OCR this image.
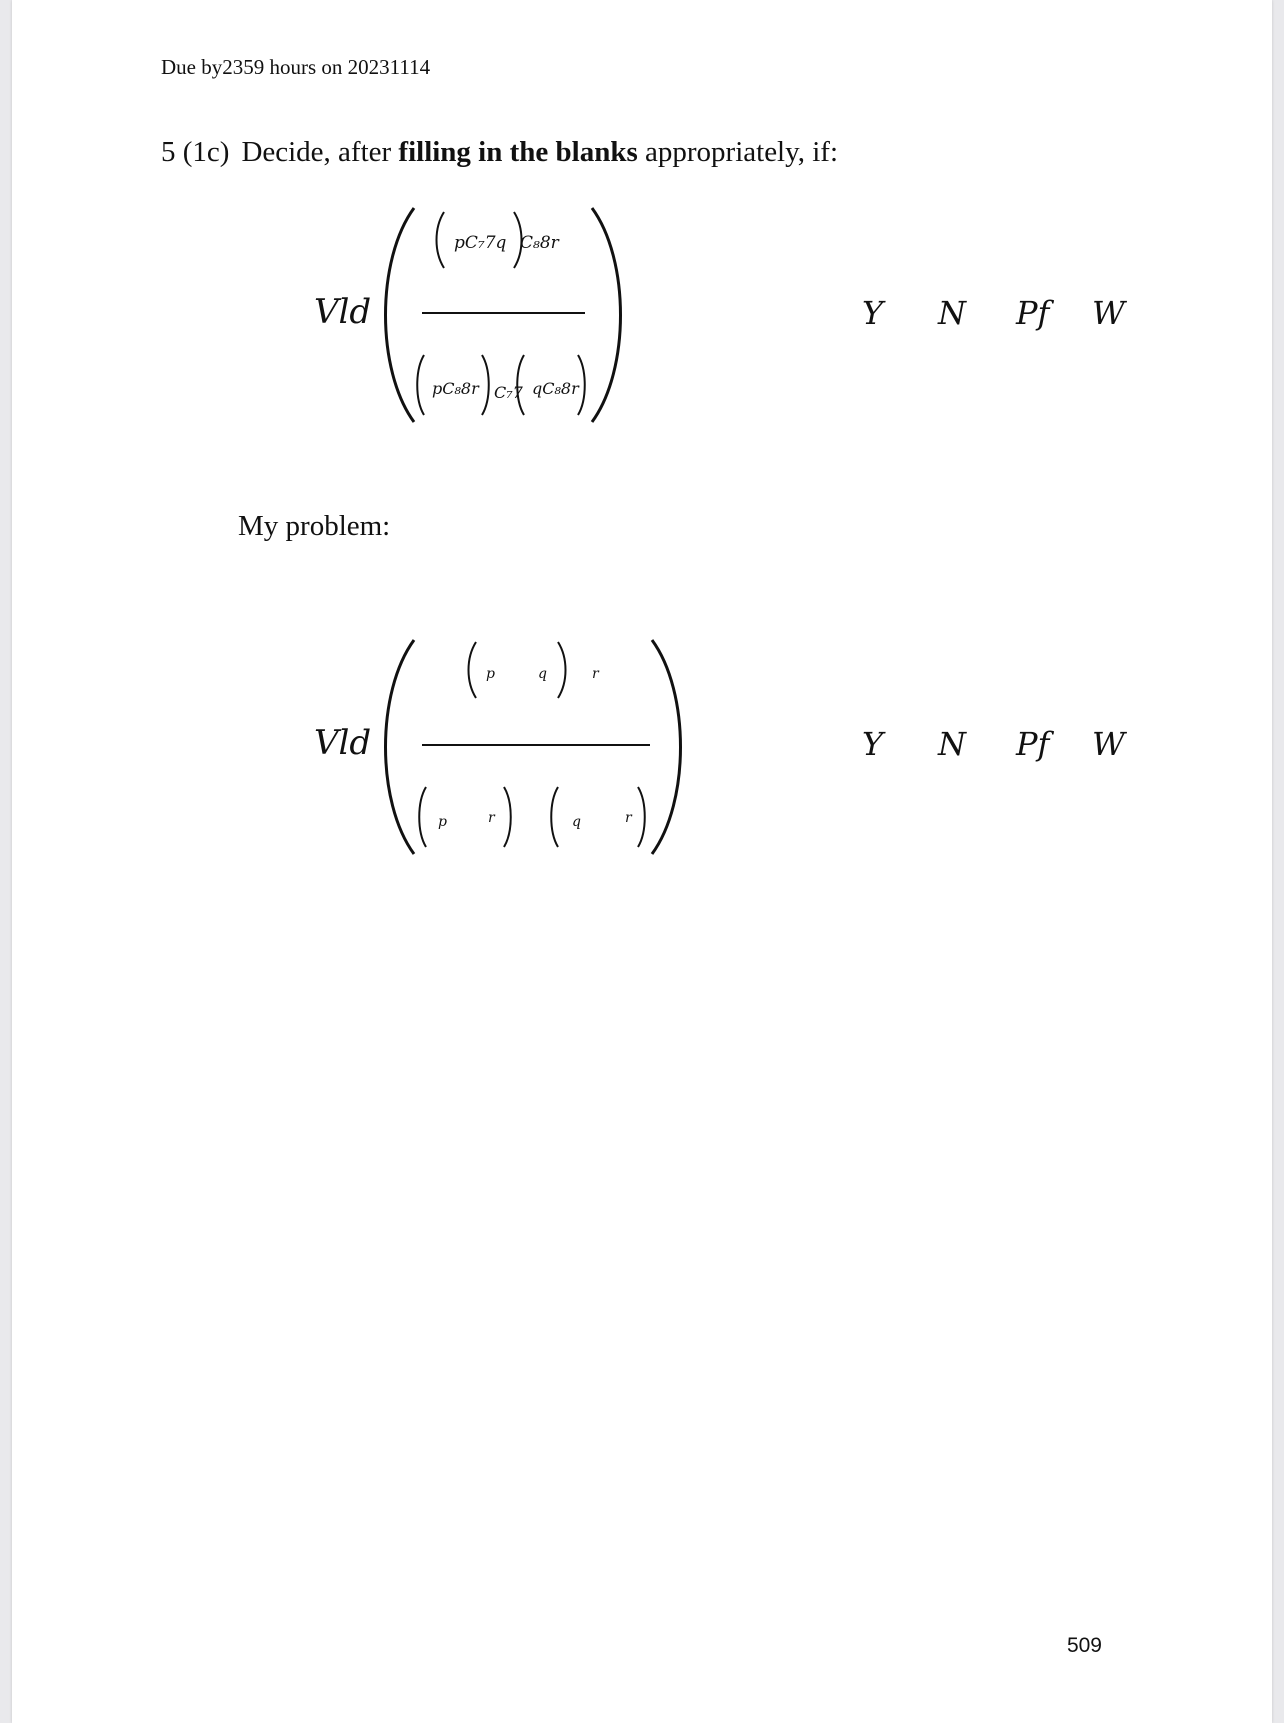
Due by2359 hours on 20231114
5 (1c) Decide, after filling in the blanks appropriately, if:
Vld
pC₇7q C₈8r
pC₈8r C₇7 qC₈8r
Y N Pf W
My problem:
Vld
p	q	r
p	r	q	r
Y N Pf W
509
